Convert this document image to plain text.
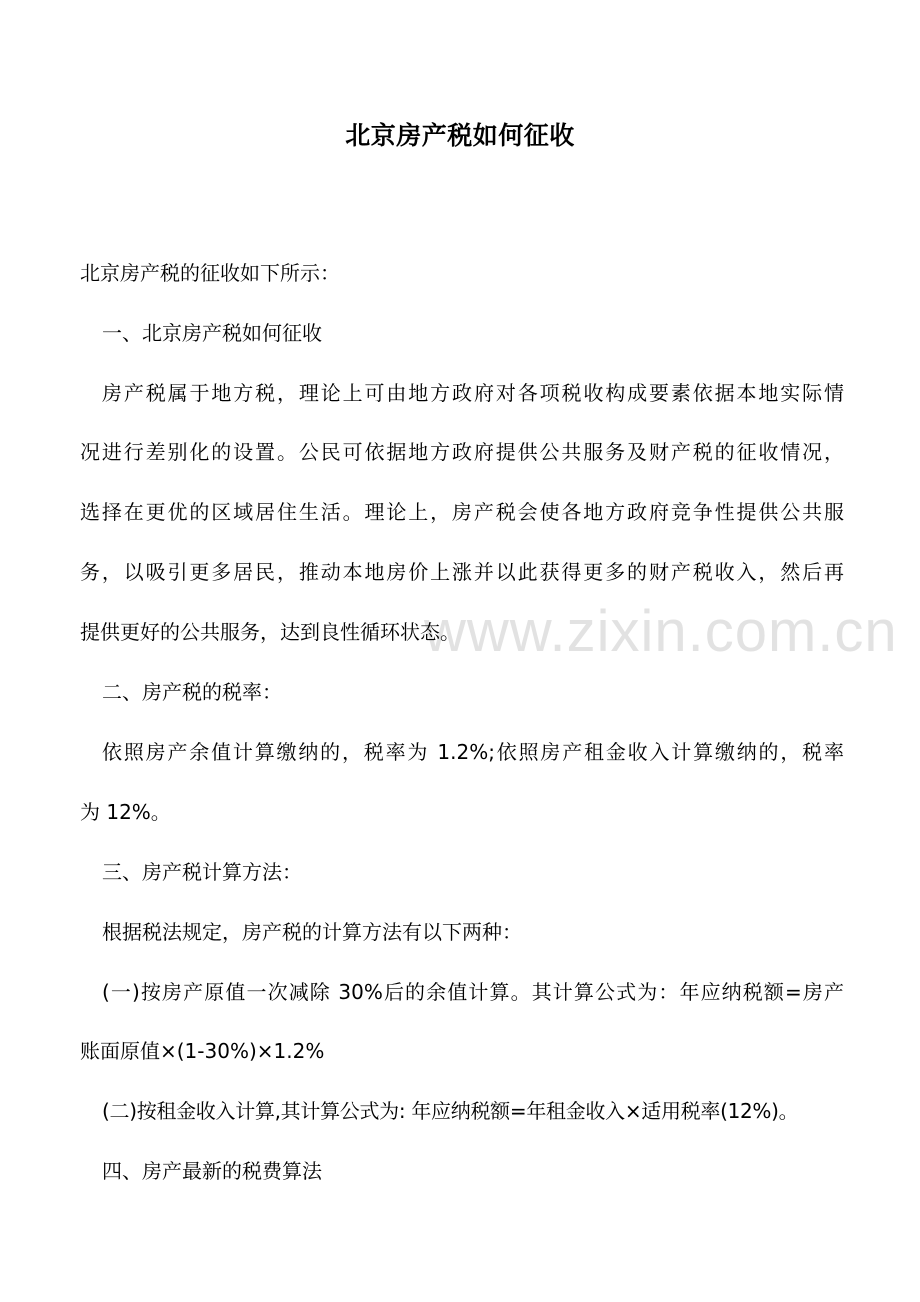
www.zixin.com.cn
北京房产税如何征收
北京房产税的征收如下所示：
一、北京房产税如何征收
房产税属于地方税，理论上可由地方政府对各项税收构成要素依据本地实际情
况进行差别化的设置。公民可依据地方政府提供公共服务及财产税的征收情况，
选择在更优的区域居住生活。理论上，房产税会使各地方政府竞争性提供公共服
务，以吸引更多居民，推动本地房价上涨并以此获得更多的财产税收入，然后再
提供更好的公共服务，达到良性循环状态。
二、房产税的税率：
依照房产余值计算缴纳的，税率为 1.2%;依照房产租金收入计算缴纳的，税率
为 12%。
三、房产税计算方法：
根据税法规定，房产税的计算方法有以下两种：
(一)按房产原值一次减除 30%后的余值计算。其计算公式为：年应纳税额=房产
账面原值×(1-30%)×1.2%
(二)按租金收入计算,其计算公式为: 年应纳税额=年租金收入×适用税率(12%)。
四、房产最新的税费算法
